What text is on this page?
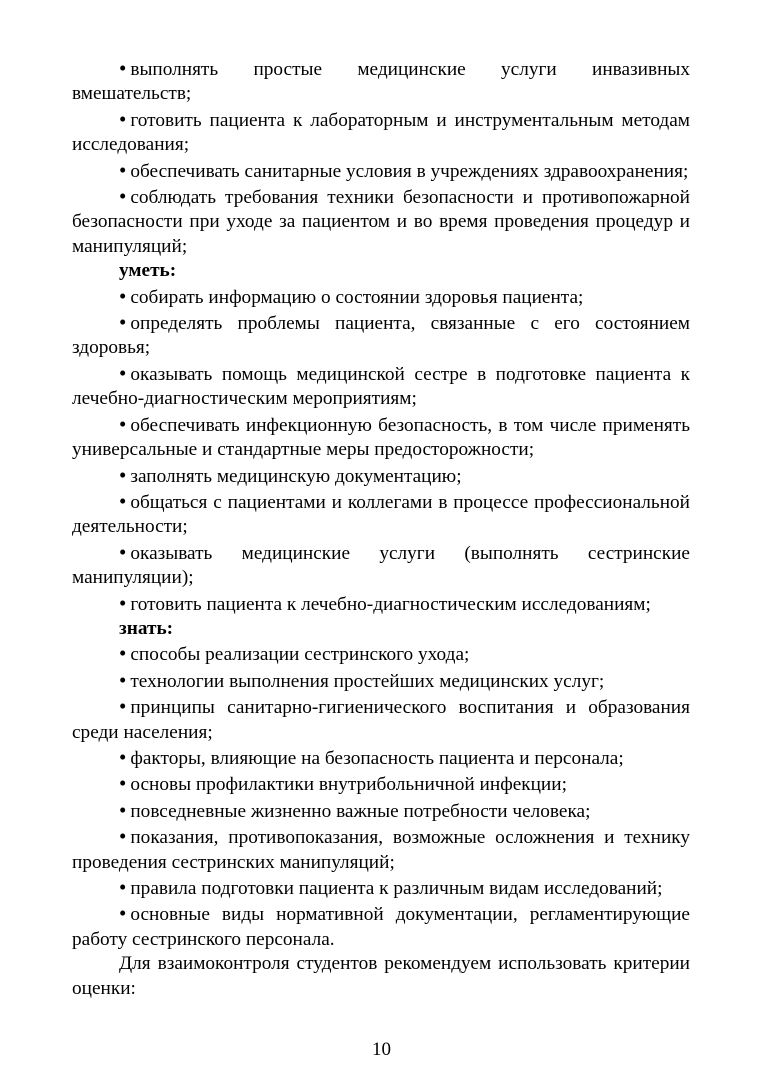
• выполнять простые медицинские услуги инвазивных вмешательств;

• готовить пациента к лабораторным и инструментальным методам исследования;

• обеспечивать санитарные условия в учреждениях здравоохранения;

• соблюдать требования техники безопасности и противопожарной безопасности при уходе за пациентом и во время проведения процедур и манипуляций;

уметь:

• собирать информацию о состоянии здоровья пациента;

• определять проблемы пациента, связанные с его состоянием здоровья;

• оказывать помощь медицинской сестре в подготовке пациента к лечебно-диагностическим мероприятиям;

• обеспечивать инфекционную безопасность, в том числе применять универсальные и стандартные меры предосторожности;

• заполнять медицинскую документацию;

• общаться с пациентами и коллегами в процессе профессиональной деятельности;

• оказывать медицинские услуги (выполнять сестринские манипуляции);

• готовить пациента к лечебно-диагностическим исследованиям;

знать:

• способы реализации сестринского ухода;

• технологии выполнения простейших медицинских услуг;

• принципы санитарно-гигиенического воспитания и образования среди населения;

• факторы, влияющие на безопасность пациента и персонала;

• основы профилактики внутрибольничной инфекции;

• повседневные жизненно важные потребности человека;

• показания, противопоказания, возможные осложнения и технику проведения сестринских манипуляций;

• правила подготовки пациента к различным видам исследований;

• основные виды нормативной документации, регламентирующие работу сестринского персонала.

Для взаимоконтроля студентов рекомендуем использовать критерии оценки:

10
